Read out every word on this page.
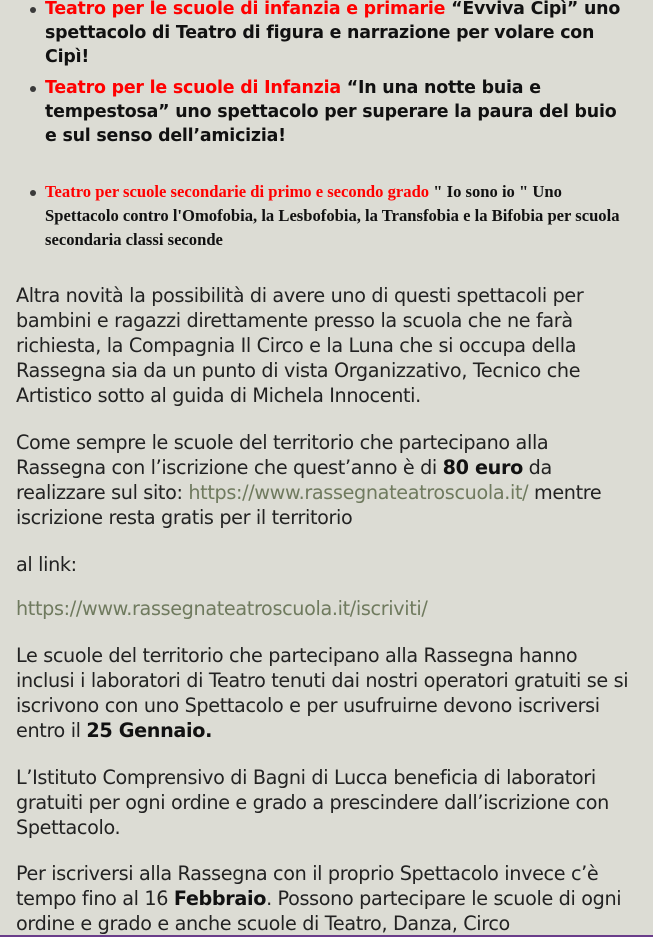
Teatro per le scuole di infanzia e primarie “Evviva Cipì” uno spettacolo di Teatro di figura e narrazione per volare con Cipì!
Teatro per le scuole di Infanzia “In una notte buia e tempestosa” uno spettacolo per superare la paura del buio e sul senso dell’amicizia!
Teatro per scuole secondarie di primo e secondo grado " Io sono io " Uno Spettacolo contro l'Omofobia, la Lesbofobia, la Transfobia e la Bifobia per scuola secondaria classi seconde

Altra novità la possibilità di avere uno di questi spettacoli per bambini e ragazzi direttamente presso la scuola che ne farà richiesta, la Compagnia Il Circo e la Luna che si occupa della Rassegna sia da un punto di vista Organizzativo, Tecnico che Artistico sotto al guida di Michela Innocenti.

Come sempre le scuole del territorio che partecipano alla Rassegna con l’iscrizione che quest’anno è di 80 euro da realizzare sul sito: https://www.rassegnateatroscuola.it/ mentre iscrizione resta gratis per il territorio

al link:

https://www.rassegnateatroscuola.it/iscriviti/

Le scuole del territorio che partecipano alla Rassegna hanno inclusi i laboratori di Teatro tenuti dai nostri operatori gratuiti se si iscrivono con uno Spettacolo e per usufruirne devono iscriversi entro il 25 Gennaio.

L’Istituto Comprensivo di Bagni di Lucca beneficia di laboratori gratuiti per ogni ordine e grado a prescindere dall’iscrizione con Spettacolo.

Per iscriversi alla Rassegna con il proprio Spettacolo invece c’è tempo fino al 16 Febbraio. Possono partecipare le scuole di ogni ordine e grado e anche scuole di Teatro, Danza, Circo
